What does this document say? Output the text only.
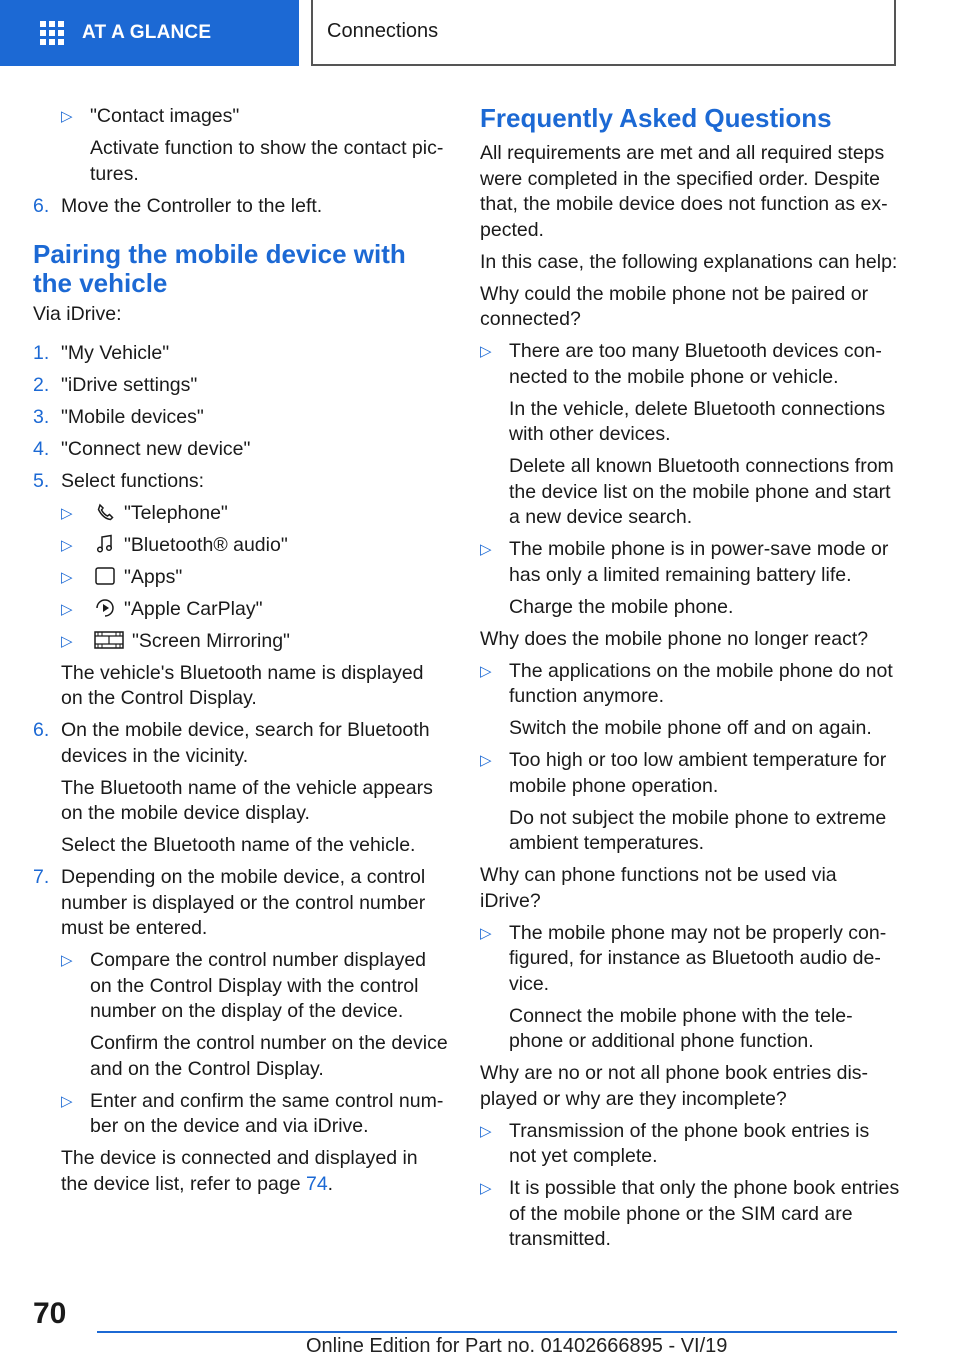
AT A GLANCE	Connections
▷ "Contact images"
Activate function to show the contact pic-tures.
6. Move the Controller to the left.
Pairing the mobile device with the vehicle
Via iDrive:
1. "My Vehicle"
2. "iDrive settings"
3. "Mobile devices"
4. "Connect new device"
5. Select functions:
▷	"Telephone"
▷	"Bluetooth® audio"
▷	"Apps"
▷	"Apple CarPlay"
▷	"Screen Mirroring"
The vehicle's Bluetooth name is displayed on the Control Display.
6. On the mobile device, search for Bluetooth devices in the vicinity.
The Bluetooth name of the vehicle appears on the mobile device display.
Select the Bluetooth name of the vehicle.
7. Depending on the mobile device, a control number is displayed or the control number must be entered.
▷ Compare the control number displayed on the Control Display with the control number on the display of the device.
Confirm the control number on the device and on the Control Display.
▷ Enter and confirm the same control num-ber on the device and via iDrive.
The device is connected and displayed in the device list, refer to page 74.
Frequently Asked Questions
All requirements are met and all required steps were completed in the specified order. Despite that, the mobile device does not function as ex-pected.
In this case, the following explanations can help:
Why could the mobile phone not be paired or connected?
▷ There are too many Bluetooth devices con-nected to the mobile phone or vehicle.
In the vehicle, delete Bluetooth connections with other devices.
Delete all known Bluetooth connections from the device list on the mobile phone and start a new device search.
▷ The mobile phone is in power-save mode or has only a limited remaining battery life.
Charge the mobile phone.
Why does the mobile phone no longer react?
▷ The applications on the mobile phone do not function anymore.
Switch the mobile phone off and on again.
▷ Too high or too low ambient temperature for mobile phone operation.
Do not subject the mobile phone to extreme ambient temperatures.
Why can phone functions not be used via iDrive?
▷ The mobile phone may not be properly con-figured, for instance as Bluetooth audio de-vice.
Connect the mobile phone with the tele-phone or additional phone function.
Why are no or not all phone book entries dis-played or why are they incomplete?
▷ Transmission of the phone book entries is not yet complete.
▷ It is possible that only the phone book entries of the mobile phone or the SIM card are transmitted.
70
Online Edition for Part no. 01402666895 - VI/19
